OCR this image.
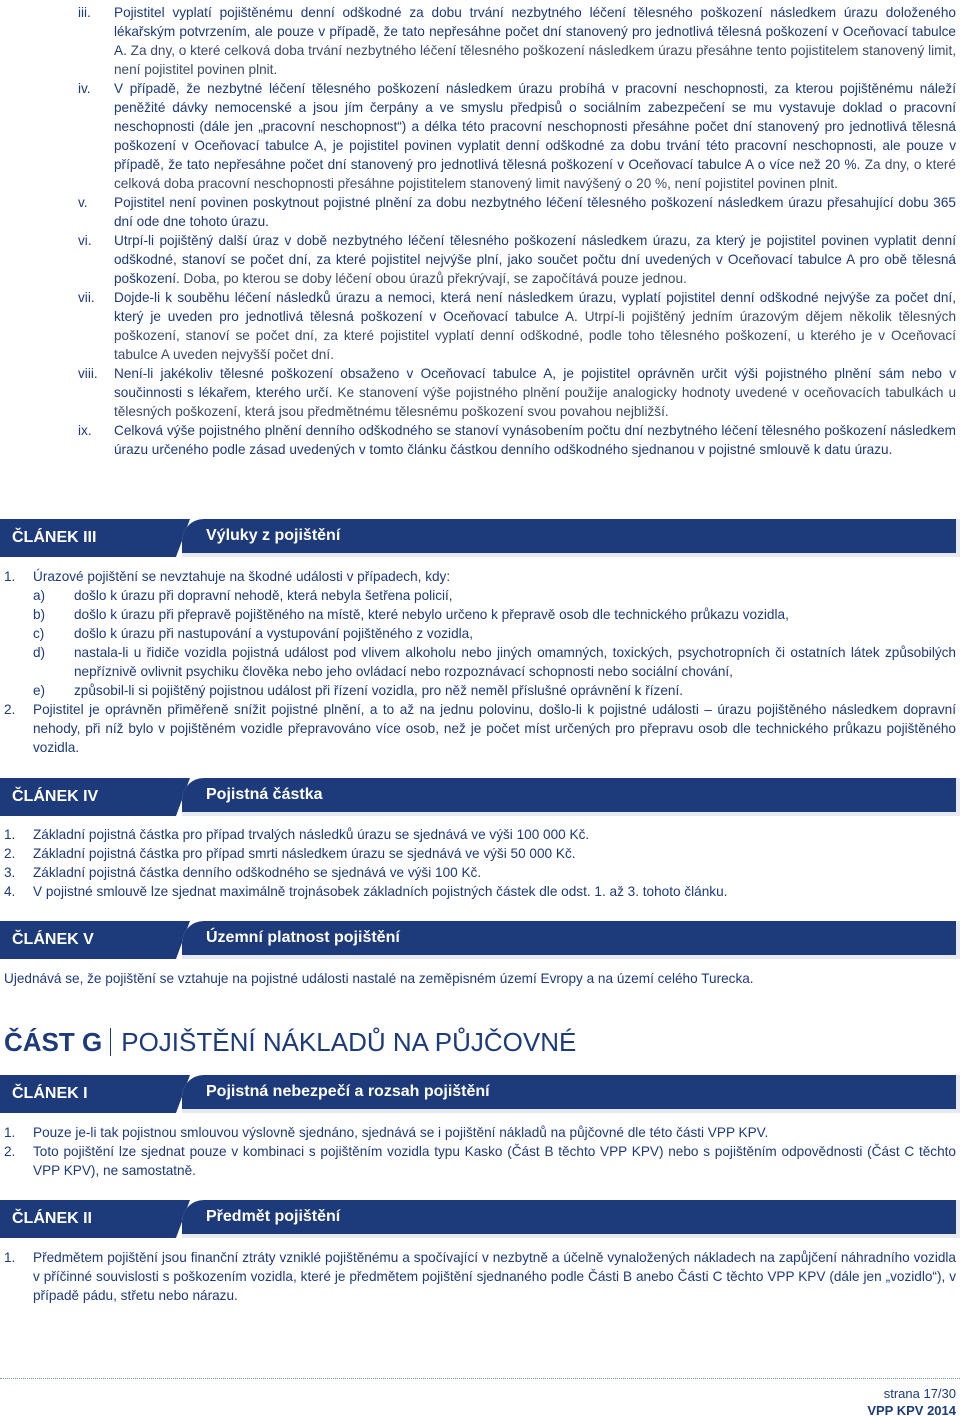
iii.	Pojistitel vyplatí pojištěnému denní odškodné za dobu trvání nezbytného léčení tělesného poškození následkem úrazu doloženého lékařským potvrzením, ale pouze v případě, že tato nepřesáhne počet dní stanovený pro jednotlivá tělesná poškození v Oceňovací tabulce A. Za dny, o které celková doba trvání nezbytného léčení tělesného poškození následkem úrazu přesáhne tento pojistitelem stanovený limit, není pojistitel povinen plnit.
iv.	V případě, že nezbytné léčení tělesného poškození následkem úrazu probíhá v pracovní neschopnosti, za kterou pojištěnému náleží peněžité dávky nemocenské a jsou jím čerpány a ve smyslu předpisů o sociálním zabezpečení se mu vystavuje doklad o pracovní neschopnosti (dále jen „pracovní neschopnost“) a délka této pracovní neschopnosti přesáhne počet dní stanovený pro jednotlivá tělesná poškození v Oceňovací tabulce A, je pojistitel povinen vyplatit denní odškodné za dobu trvání této pracovní neschopnosti, ale pouze v případě, že tato nepřesáhne počet dní stanovený pro jednotlivá tělesná poškození v Oceňovací tabulce A o více než 20 %. Za dny, o které celková doba pracovní neschopnosti přesáhne pojistitelem stanovený limit navýšený o 20 %, není pojistitel povinen plnit.
v.	Pojistitel není povinen poskytnout pojistné plnění za dobu nezbytného léčení tělesného poškození následkem úrazu přesahující dobu 365 dní ode dne tohoto úrazu.
vi.	Utrpí-li pojištěný další úraz v době nezbytného léčení tělesného poškození následkem úrazu, za který je pojistitel povinen vyplatit denní odškodné, stanoví se počet dní, za které pojistitel nejvýše plní, jako součet počtu dní uvedených v Oceňovací tabulce A pro obě tělesná poškození. Doba, po kterou se doby léčení obou úrazů překrývají, se započítává pouze jednou.
vii.	Dojde-li k souběhu léčení následků úrazu a nemoci, která není následkem úrazu, vyplatí pojistitel denní odškodné nejvýše za počet dní, který je uveden pro jednotlivá tělesná poškození v Oceňovací tabulce A. Utrpí-li pojištěný jedním úrazovým dějem několik tělesných poškození, stanoví se počet dní, za které pojistitel vyplatí denní odškodné, podle toho tělesného poškození, u kterého je v Oceňovací tabulce A uveden nejvyšší počet dní.
viii.	Není-li jakékoliv tělesné poškození obsaženo v Oceňovací tabulce A, je pojistitel oprávněn určit výši pojistného plnění sám nebo v součinnosti s lékařem, kterého určí. Ke stanovení výše pojistného plnění použije analogicky hodnoty uvedené v oceňovacích tabulkách u tělesných poškození, která jsou předmětnému tělesnému poškození svou povahou nejbližší.
ix.	Celková výše pojistného plnění denního odškodného se stanoví vynásobením počtu dní nezbytného léčení tělesného poškození následkem úrazu určeného podle zásad uvedených v tomto článku částkou denního odškodného sjednanou v pojistné smlouvě k datu úrazu.
ČLÁNEK III	Výluky z pojištění
1.	Úrazové pojištění se nevztahuje na škodné události v případech, kdy:
a)	došlo k úrazu při dopravní nehodě, která nebyla šetřena policií,
b)	došlo k úrazu při přepravě pojištěného na místě, které nebylo určeno k přepravě osob dle technického průkazu vozidla,
c)	došlo k úrazu při nastupování a vystupování pojištěného z vozidla,
d)	nastala-li u řidiče vozidla pojistná událost pod vlivem alkoholu nebo jiných omamných, toxických, psychotropních či ostatních látek způsobilých nepříznivě ovlivnit psychiku člověka nebo jeho ovládací nebo rozpoznávací schopnosti nebo sociální chování,
e)	způsobil-li si pojištěný pojistnou událost při řízení vozidla, pro něž neměl příslušné oprávnění k řízení.
2.	Pojistitel je oprávněn přiměřeně snížit pojistné plnění, a to až na jednu polovinu, došlo-li k pojistné události – úrazu pojištěného následkem dopravní nehody, při níž bylo v pojištěném vozidle přepravováno více osob, než je počet míst určených pro přepravu osob dle technického průkazu pojištěného vozidla.
ČLÁNEK IV	Pojistná částka
1.	Základní pojistná částka pro případ trvalých následků úrazu se sjednává ve výši 100 000 Kč.
2.	Základní pojistná částka pro případ smrti následkem úrazu se sjednává ve výši 50 000 Kč.
3.	Základní pojistná částka denního odškodného se sjednává ve výši 100 Kč.
4.	V pojistné smlouvě lze sjednat maximálně trojnásobek základních pojistných částek dle odst. 1. až 3. tohoto článku.
ČLÁNEK V	Územní platnost pojištění
Ujednává se, že pojištění se vztahuje na pojistné události nastalé na zeměpisném území Evropy a na území celého Turecka.
ČÁST G POJIŠTĚNÍ NÁKLADŮ NA PŮJČOVNÉ
ČLÁNEK I	Pojistná nebezpečí a rozsah pojištění
1.	Pouze je-li tak pojistnou smlouvou výslovně sjednáno, sjednává se i pojištění nákladů na půjčovné dle této části VPP KPV.
2.	Toto pojištění lze sjednat pouze v kombinaci s pojištěním vozidla typu Kasko (Část B těchto VPP KPV) nebo s pojištěním odpovědnosti (Část C těchto VPP KPV), ne samostatně.
ČLÁNEK II	Předmět pojištění
1.	Předmětem pojištění jsou finanční ztráty vzniklé pojištěnému a spočívající v nezbytně a účelně vynaložených nákladech na zapůjčení náhradního vozidla v příčinné souvislosti s poškozením vozidla, které je předmětem pojištění sjednaného podle Části B anebo Části C těchto VPP KPV (dále jen „vozidlo“), v případě pádu, střetu nebo nárazu.
strana 17/30
VPP KPV 2014
